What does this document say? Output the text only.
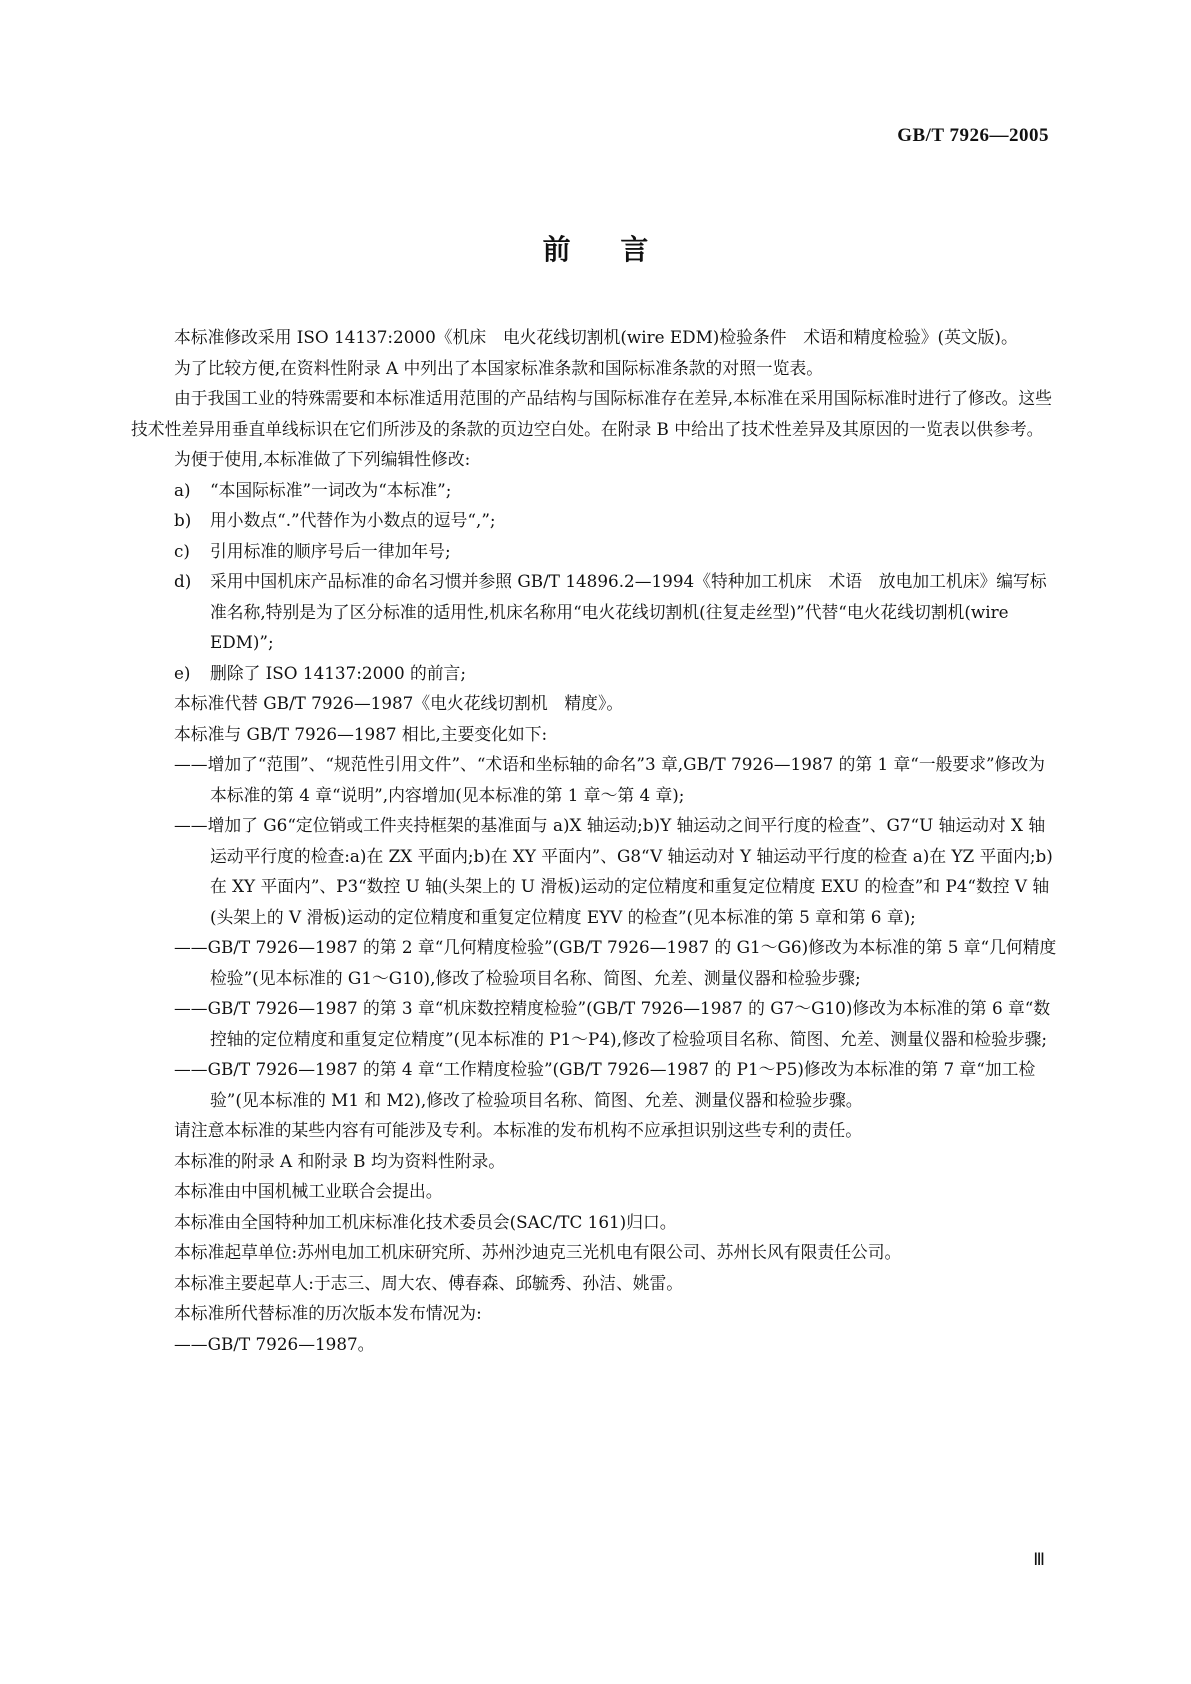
GB/T 7926—2005
前 言

本标准修改采用 ISO 14137:2000《机床　电火花线切割机(wire EDM)检验条件　术语和精度检验》(英文版)。

为了比较方便,在资料性附录 A 中列出了本国家标准条款和国际标准条款的对照一览表。

由于我国工业的特殊需要和本标准适用范围的产品结构与国际标准存在差异,本标准在采用国际标准时进行了修改。这些技术性差异用垂直单线标识在它们所涉及的条款的页边空白处。在附录 B 中给出了技术性差异及其原因的一览表以供参考。

为便于使用,本标准做了下列编辑性修改:

a)	“本国际标准”一词改为“本标准”;
b)	用小数点“.”代替作为小数点的逗号“,”;
c)	引用标准的顺序号后一律加年号;
d)	采用中国机床产品标准的命名习惯并参照 GB/T 14896.2—1994《特种加工机床　术语　放电加工机床》编写标准名称,特别是为了区分标准的适用性,机床名称用“电火花线切割机(往复走丝型)”代替“电火花线切割机(wire EDM)”;
e)	删除了 ISO 14137:2000 的前言;

本标准代替 GB/T 7926—1987《电火花线切割机　精度》。

本标准与 GB/T 7926—1987 相比,主要变化如下:

——增加了“范围”、“规范性引用文件”、“术语和坐标轴的命名”3 章,GB/T 7926—1987 的第 1 章“一般要求”修改为本标准的第 4 章“说明”,内容增加(见本标准的第 1 章～第 4 章);

——增加了 G6“定位销或工件夹持框架的基准面与 a)X 轴运动;b)Y 轴运动之间平行度的检查”、G7“U 轴运动对 X 轴运动平行度的检查:a)在 ZX 平面内;b)在 XY 平面内”、G8“V 轴运动对 Y 轴运动平行度的检查 a)在 YZ 平面内;b)在 XY 平面内”、P3“数控 U 轴(头架上的 U 滑板)运动的定位精度和重复定位精度 EXU 的检查”和 P4“数控 V 轴(头架上的 V 滑板)运动的定位精度和重复定位精度 EYV 的检查”(见本标准的第 5 章和第 6 章);

——GB/T 7926—1987 的第 2 章“几何精度检验”(GB/T 7926—1987 的 G1～G6)修改为本标准的第 5 章“几何精度检验”(见本标准的 G1～G10),修改了检验项目名称、简图、允差、测量仪器和检验步骤;

——GB/T 7926—1987 的第 3 章“机床数控精度检验”(GB/T 7926—1987 的 G7～G10)修改为本标准的第 6 章“数控轴的定位精度和重复定位精度”(见本标准的 P1～P4),修改了检验项目名称、简图、允差、测量仪器和检验步骤;

——GB/T 7926—1987 的第 4 章“工作精度检验”(GB/T 7926—1987 的 P1～P5)修改为本标准的第 7 章“加工检验”(见本标准的 M1 和 M2),修改了检验项目名称、简图、允差、测量仪器和检验步骤。

请注意本标准的某些内容有可能涉及专利。本标准的发布机构不应承担识别这些专利的责任。

本标准的附录 A 和附录 B 均为资料性附录。

本标准由中国机械工业联合会提出。

本标准由全国特种加工机床标准化技术委员会(SAC/TC 161)归口。

本标准起草单位:苏州电加工机床研究所、苏州沙迪克三光机电有限公司、苏州长风有限责任公司。

本标准主要起草人:于志三、周大农、傅春森、邱毓秀、孙洁、姚雷。

本标准所代替标准的历次版本发布情况为:

——GB/T 7926—1987。

Ⅲ
